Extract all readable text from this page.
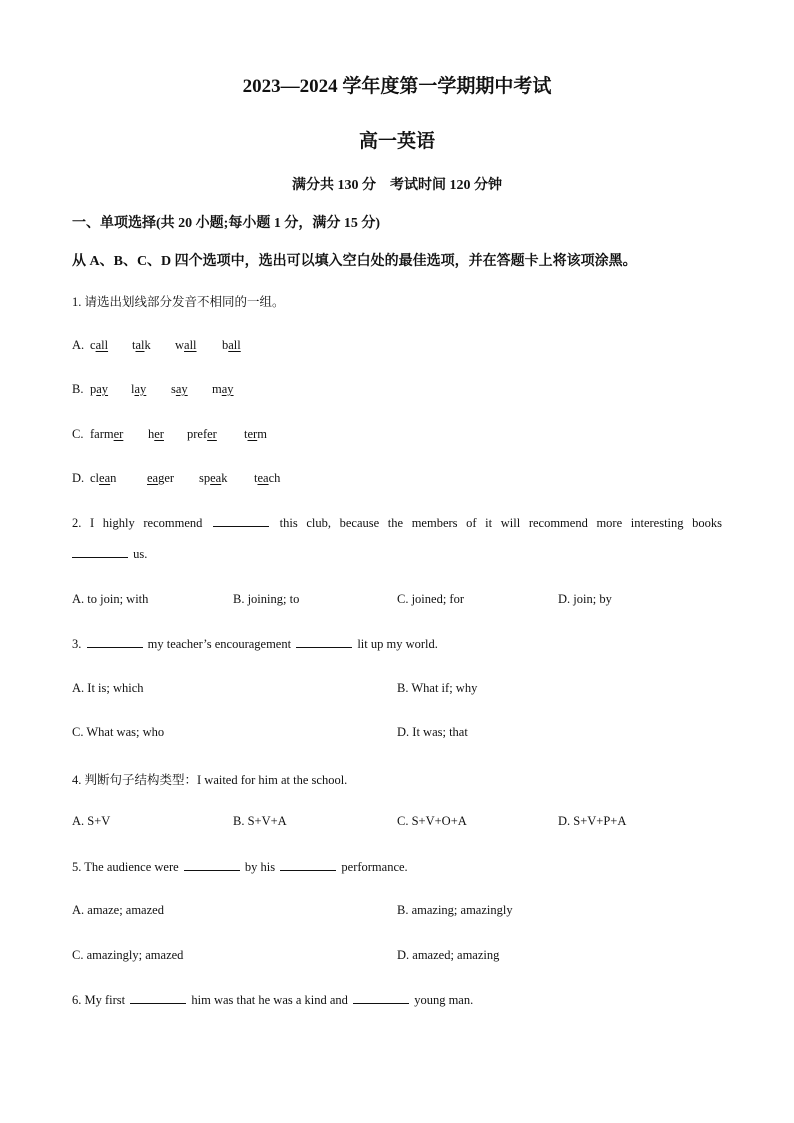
2023—2024 学年度第一学期期中考试
高一英语
满分共 130 分　考试时间 120 分钟
一、单项选择(共 20 小题;每小题 1 分，满分 15 分)
从 A、B、C、D 四个选项中，选出可以填入空白处的最佳选项，并在答题卡上将该项涂黑。
1. 请选出划线部分发音不相同的一组。
A. call talk wall ball
B. pay lay say may
C. farmer her prefer term
D. clean eager speak teach
2. I highly recommend	this club, because the members of it will recommend more interesting books
us.
A. to join; with	B. joining; to	C. joined; for	D. join; by
3.	my teacher’s encouragement	lit up my world.
A. It is; which	B. What if; why
C. What was; who	D. It was; that
4. 判断句子结构类型：I waited for him at the school.
A. S+V	B. S+V+A	C. S+V+O+A	D. S+V+P+A
5. The audience were	by his	performance.
A. amaze; amazed	B. amazing; amazingly
C. amazingly; amazed	D. amazed; amazing
6. My first	him was that he was a kind and	young man.
